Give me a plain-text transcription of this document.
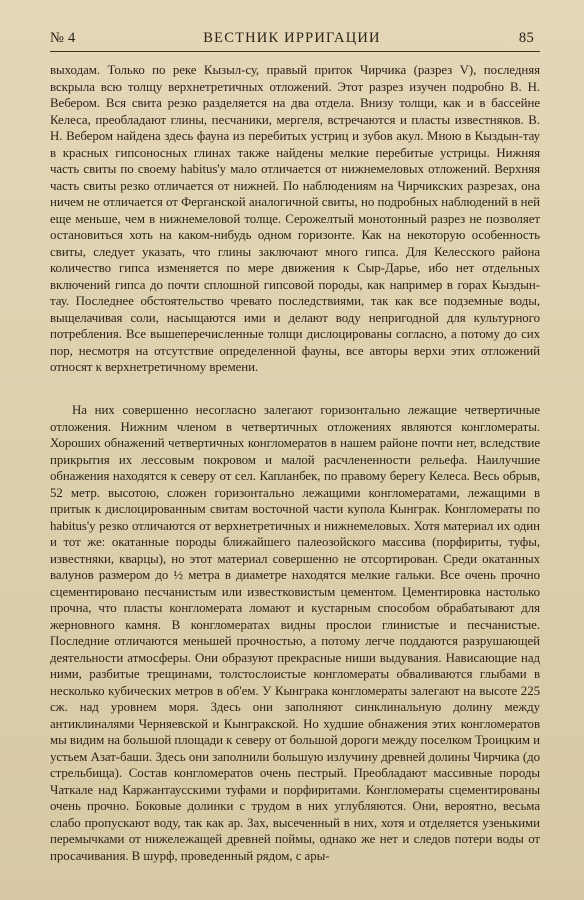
№ 4	ВЕСТНИК ИРРИГАЦИИ	85

выходам. Только по реке Кызыл-су, правый приток Чирчика (разрез V), последняя вскрыла всю толщу верхнетретичных отложений. Этот разрез изучен подробно В. Н. Вебером. Вся свита резко разделяется на два отдела. Внизу толщи, как и в бассейне Келеса, преобладают глины, песчаники, мергеля, встречаются и пласты известняков. В. Н. Вебером найдена здесь фауна из перебитых устриц и зубов акул. Мною в Кыздын-тау в красных гипсоносных глинах также найдены мелкие перебитые устрицы. Нижняя часть свиты по своему habitus'у мало отличается от нижнемеловых отложений. Верхняя часть свиты резко отличается от нижней. По наблюдениям на Чирчикских разрезах, она ничем не отличается от Ферганской аналогичной свиты, но подробных наблюдений в ней еще меньше, чем в нижнемеловой толще. Серожелтый монотонный разрез не позволяет остановиться хоть на каком-нибудь одном горизонте. Как на некоторую особенность свиты, следует указать, что глины заключают много гипса. Для Келесского района количество гипса изменяется по мере движения к Сыр-Дарье, ибо нет отдельных включений гипса до почти сплошной гипсовой породы, как например в горах Кыздын-тау. Последнее обстоятельство чревато последствиями, так как все подземные воды, выщелачивая соли, насыщаются ими и делают воду непригодной для культурного потребления. Все вышеперечисленные толщи дислоцированы согласно, а потому до сих пор, несмотря на отсутствие определенной фауны, все авторы верхи этих отложений относят к верхнетретичному времени.

На них совершенно несогласно залегают горизонтально лежащие четвертичные отложения. Нижним членом в четвертичных отложениях являются конгломераты. Хороших обнажений четвертичных конгломератов в нашем районе почти нет, вследствие прикрытия их лессовым покровом и малой расчлененности рельефа. Наилучшие обнажения находятся к северу от сел. Капланбек, по правому берегу Келеса. Весь обрыв, 52 метр. высотою, сложен горизонтально лежащими конгломератами, лежащими в притык к дислоцированным свитам восточной части купола Кынграк. Конгломераты по habitus'у резко отличаются от верхнетретичных и нижнемеловых. Хотя материал их один и тот же: окатанные породы ближайшего палеозойского массива (порфириты, туфы, известняки, кварцы), но этот материал совершенно не отсортирован. Среди окатанных валунов размером до ½ метра в диаметре находятся мелкие гальки. Все очень прочно сцементировано песчанистым или известковистым цементом. Цементировка настолько прочна, что пласты конгломерата ломают и кустарным способом обрабатывают для жерновного камня. В конгломератах видны прослои глинистые и песчанистые. Последние отличаются меньшей прочностью, а потому легче поддаются разрушающей деятельности атмосферы. Они образуют прекрасные ниши выдувания. Нависающие над ними, разбитые трещинами, толстослоистые конгломераты обваливаются глыбами в несколько кубических метров в об'ем. У Кынграка конгломераты залегают на высоте 225 сж. над уровнем моря. Здесь они заполняют синклинальную долину между антиклиналями Черняевской и Кынгракской. Но худшие обнажения этих конгломератов мы видим на большой площади к северу от большой дороги между поселком Троицким и устьем Азат-баши. Здесь они заполнили большую излучину древней долины Чирчика (до стрельбища). Состав конгломератов очень пестрый. Преобладают массивные породы Чаткале над Каржантаусскими туфами и порфиритами. Конгломераты сцементированы очень прочно. Боковые долинки с трудом в них углубляются. Они, вероятно, весьма слабо пропускают воду, так как ар. Зах, высеченный в них, хотя и отделяется узенькими перемычками от нижележащей древней поймы, однако же нет и следов потери воды от просачивания. В шурф, проведенный рядом, с ары-
